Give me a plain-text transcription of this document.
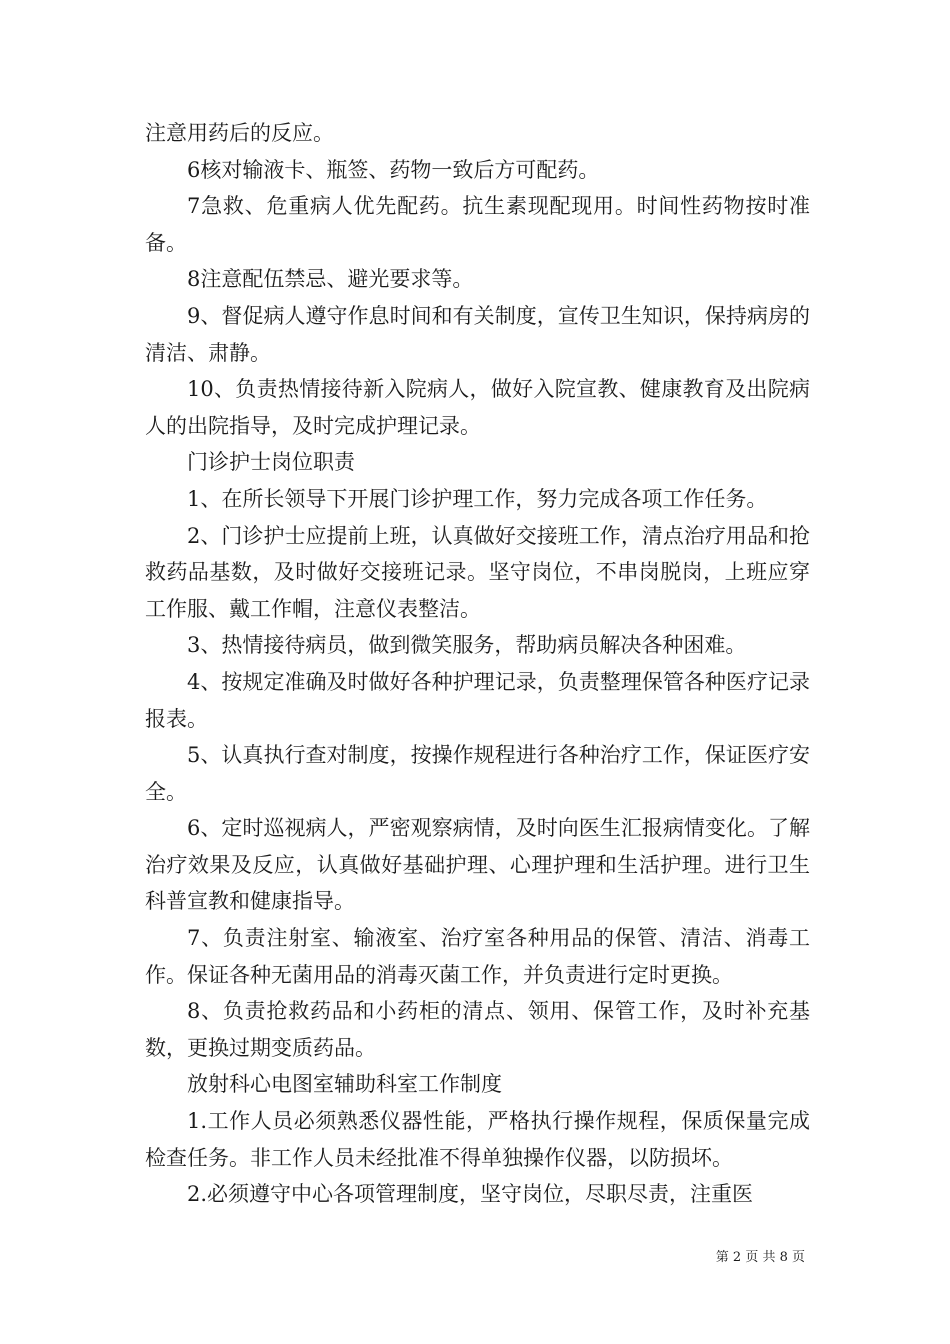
注意用药后的反应。

6核对输液卡、瓶签、药物一致后方可配药。

7急救、危重病人优先配药。抗生素现配现用。时间性药物按时准备。

8注意配伍禁忌、避光要求等。

9、督促病人遵守作息时间和有关制度，宣传卫生知识，保持病房的清洁、肃静。

10、负责热情接待新入院病人，做好入院宣教、健康教育及出院病人的出院指导，及时完成护理记录。

门诊护士岗位职责

1、在所长领导下开展门诊护理工作，努力完成各项工作任务。

2、门诊护士应提前上班，认真做好交接班工作，清点治疗用品和抢救药品基数，及时做好交接班记录。坚守岗位，不串岗脱岗，上班应穿工作服、戴工作帽，注意仪表整洁。

3、热情接待病员，做到微笑服务，帮助病员解决各种困难。

4、按规定准确及时做好各种护理记录，负责整理保管各种医疗记录报表。

5、认真执行查对制度，按操作规程进行各种治疗工作，保证医疗安全。

6、定时巡视病人，严密观察病情，及时向医生汇报病情变化。了解治疗效果及反应，认真做好基础护理、心理护理和生活护理。进行卫生科普宣教和健康指导。

7、负责注射室、输液室、治疗室各种用品的保管、清洁、消毒工作。保证各种无菌用品的消毒灭菌工作，并负责进行定时更换。

8、负责抢救药品和小药柜的清点、领用、保管工作，及时补充基数，更换过期变质药品。

放射科心电图室辅助科室工作制度

1.工作人员必须熟悉仪器性能，严格执行操作规程，保质保量完成检查任务。非工作人员未经批准不得单独操作仪器，以防损坏。

2.必须遵守中心各项管理制度，坚守岗位，尽职尽责，注重医

第 2 页 共 8 页
